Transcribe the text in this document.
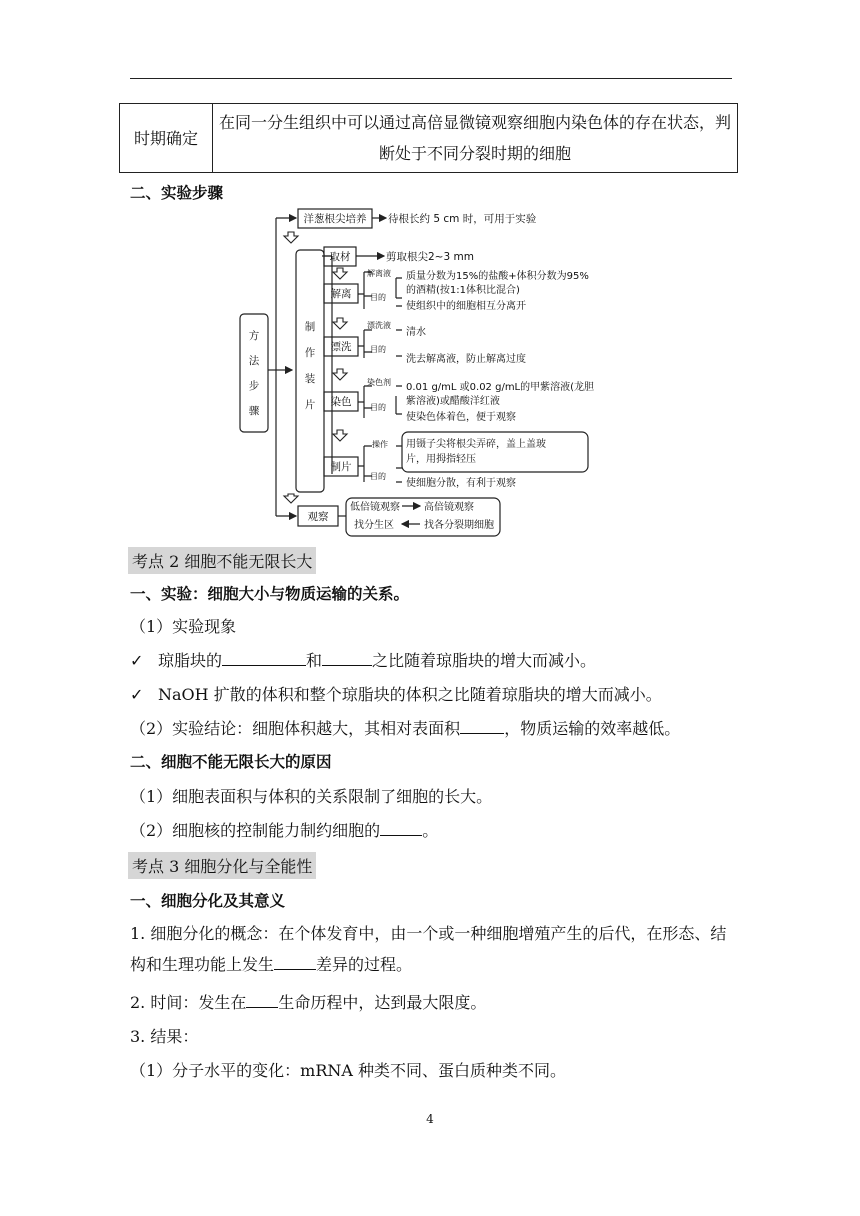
时期确定	在同一分生组织中可以通过高倍显微镜观察细胞内染色体的存在状态，判断处于不同分裂时期的细胞
二、实验步骤
方
法
步
骤
制
作
装
片
洋葱根尖培养 待根长约 5 cm 时，可用于实验
取材	剪取根尖2~3 mm
解离
漂洗
染色
制片
观察
解离液
目的
漂洗液
目的
染色剂
目的
操作
目的
质量分数为15%的盐酸+体积分数为95%
的酒精(按1:1体积比混合)
使组织中的细胞相互分离开
清水
洗去解离液，防止解离过度
0.01 g/mL 或0.02 g/mL的甲紫溶液(龙胆
紫溶液)或醋酸洋红液
使染色体着色，便于观察
用镊子尖将根尖弄碎，盖上盖玻
片，用拇指轻压
使细胞分散，有利于观察
低倍镜观察 高倍镜观察
找分生区	找各分裂期细胞
考点 2 细胞不能无限长大
一、实验：细胞大小与物质运输的关系。
（1）实验现象
✓ 琼脂块的	和	之比随着琼脂块的增大而减小。
✓ NaOH 扩散的体积和整个琼脂块的体积之比随着琼脂块的增大而减小。
（2）实验结论：细胞体积越大，其相对表面积	，物质运输的效率越低。
二、细胞不能无限长大的原因
（1）细胞表面积与体积的关系限制了细胞的长大。
（2）细胞核的控制能力制约细胞的	。
考点 3 细胞分化与全能性
一、细胞分化及其意义
1. 细胞分化的概念：在个体发育中，由一个或一种细胞增殖产生的后代，在形态、结构和生理功能上发生	差异的过程。
2. 时间：发生在 生命历程中，达到最大限度。
3. 结果：
（1）分子水平的变化：mRNA 种类不同、蛋白质种类不同。
4
